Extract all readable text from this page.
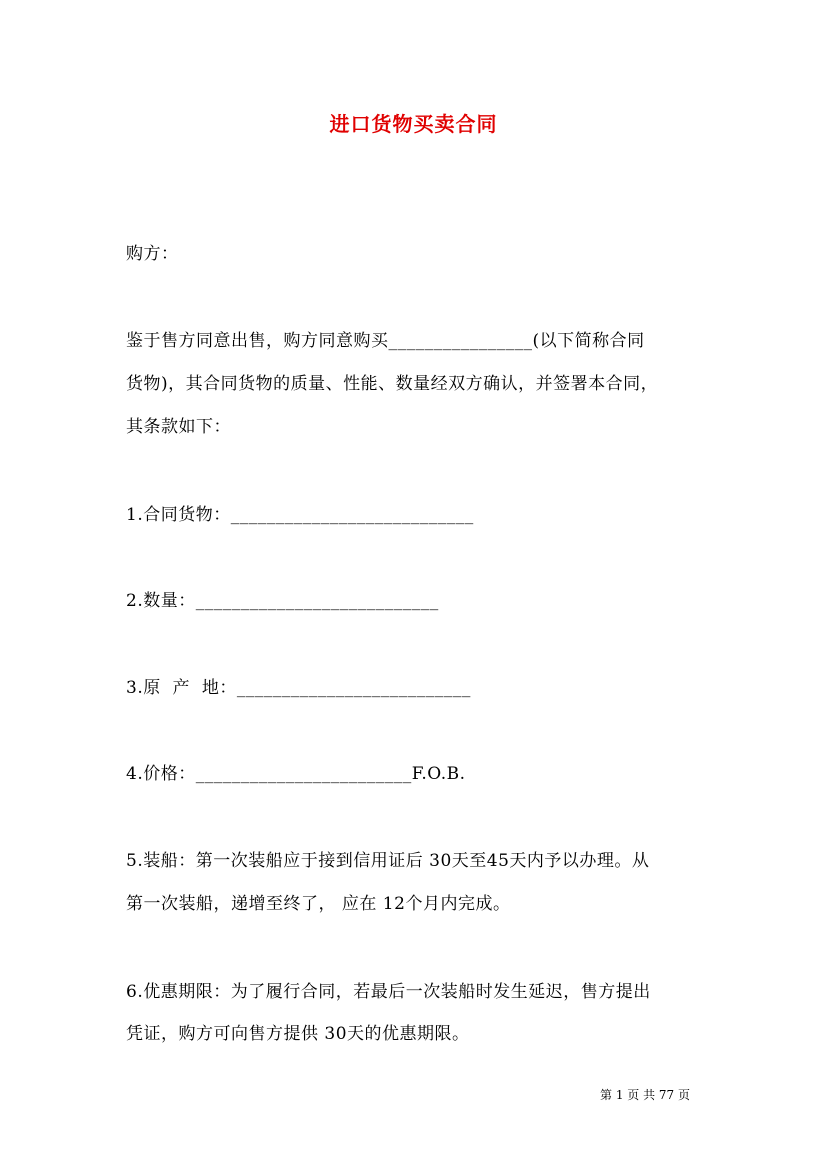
进口货物买卖合同
购方：
鉴于售方同意出售，购方同意购买________________(以下简称合同
货物)，其合同货物的质量、性能、数量经双方确认，并签署本合同，
其条款如下：
1.合同货物：___________________________
2.数量：___________________________
3.原  产  地：__________________________
4.价格：________________________F.O.B.
5.装船：第一次装船应于接到信用证后 30天至45天内予以办理。从
第一次装船，递增至终了， 应在 12个月内完成。
6.优惠期限：为了履行合同，若最后一次装船时发生延迟，售方提出
凭证，购方可向售方提供 30天的优惠期限。
第 1 页 共 77 页
